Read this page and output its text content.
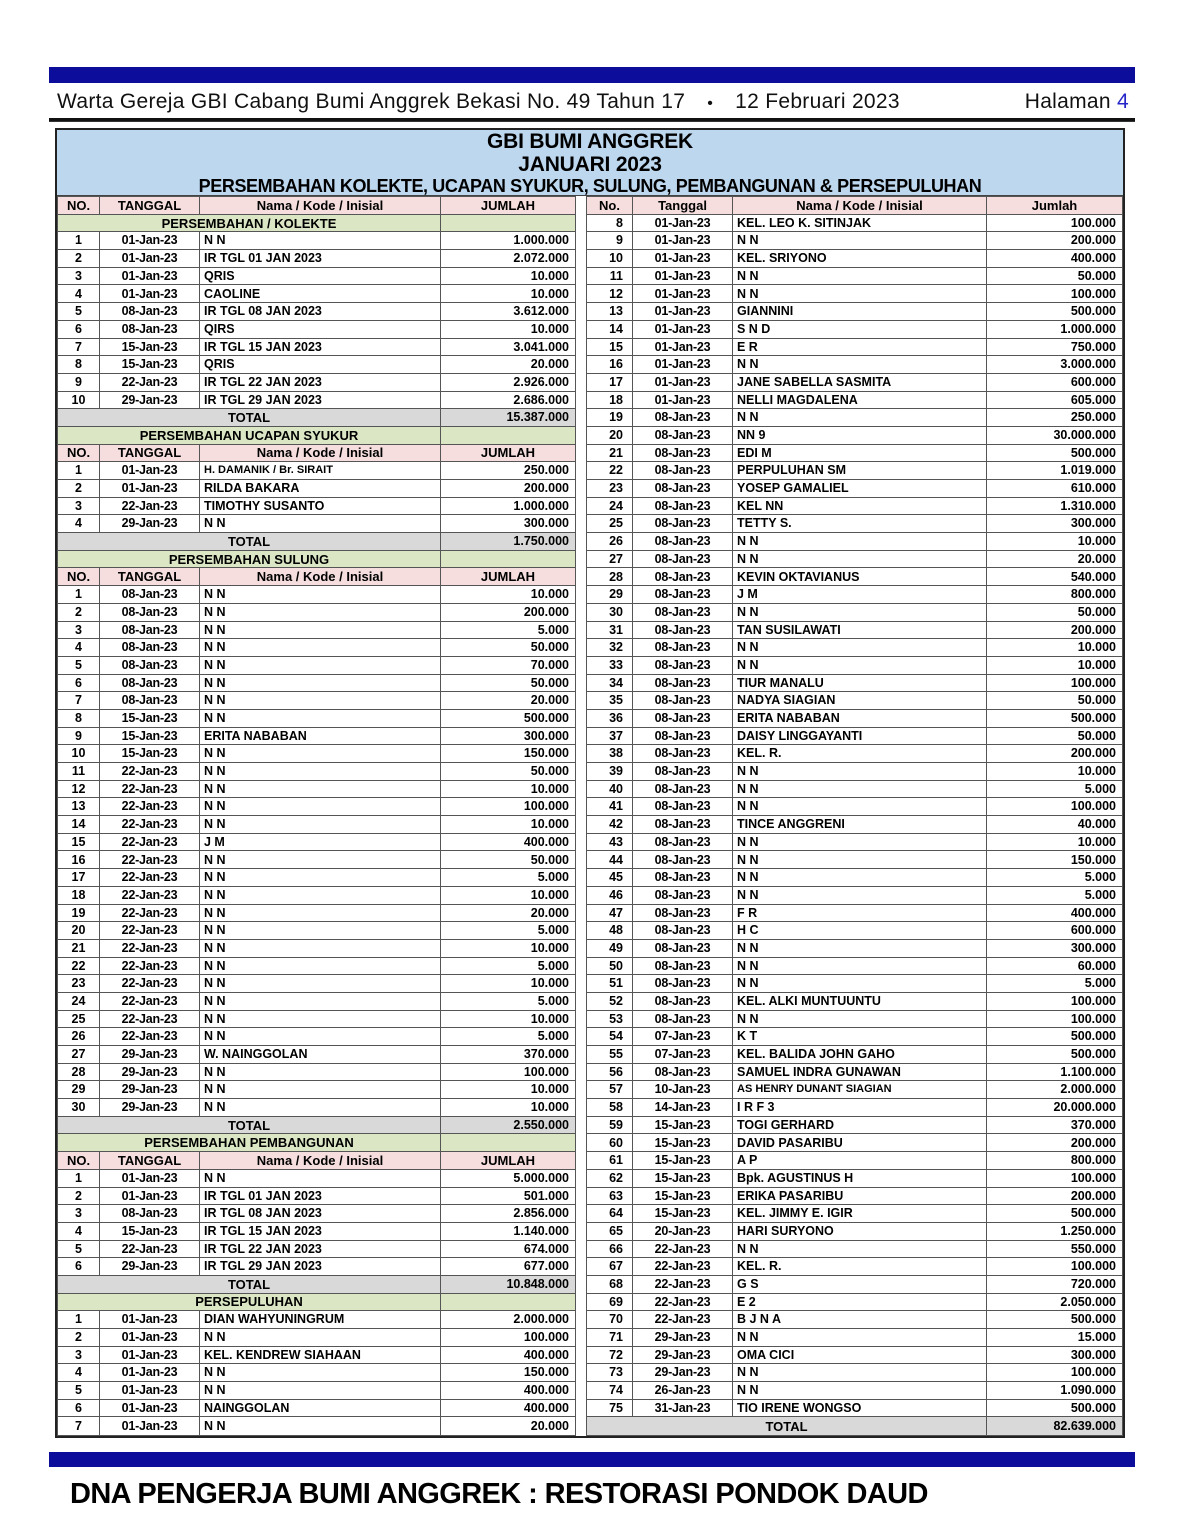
Warta Gereja GBI Cabang Bumi Anggrek Bekasi No. 49 Tahun 17 • 12 Februari 2023	Halaman 4
GBI BUMI ANGGREK
JANUARI 2023
PERSEMBAHAN KOLEKTE, UCAPAN SYUKUR, SULUNG, PEMBANGUNAN & PERSEPULUHAN
NO.	TANGGAL	Nama / Kode / Inisial	JUMLAH
PERSEMBAHAN / KOLEKTE			
1	01-Jan-23	N N	1.000.000
2	01-Jan-23	IR TGL 01 JAN 2023	2.072.000
3	01-Jan-23	QRIS	10.000
4	01-Jan-23	CAOLINE	10.000
5	08-Jan-23	IR TGL 08 JAN 2023	3.612.000
6	08-Jan-23	QIRS	10.000
7	15-Jan-23	IR TGL 15 JAN 2023	3.041.000
8	15-Jan-23	QRIS	20.000
9	22-Jan-23	IR TGL 22 JAN 2023	2.926.000
10	29-Jan-23	IR TGL 29 JAN 2023	2.686.000
TOTAL			15.387.000
PERSEMBAHAN UCAPAN SYUKUR			
NO.	TANGGAL	Nama / Kode / Inisial	JUMLAH
1	01-Jan-23	H. DAMANIK / Br. SIRAIT	250.000
2	01-Jan-23	RILDA BAKARA	200.000
3	22-Jan-23	TIMOTHY SUSANTO	1.000.000
4	29-Jan-23	N N	300.000
TOTAL			1.750.000
PERSEMBAHAN SULUNG			
NO.	TANGGAL	Nama / Kode / Inisial	JUMLAH
1	08-Jan-23	N N	10.000
2	08-Jan-23	N N	200.000
3	08-Jan-23	N N	5.000
4	08-Jan-23	N N	50.000
5	08-Jan-23	N N	70.000
6	08-Jan-23	N N	50.000
7	08-Jan-23	N N	20.000
8	15-Jan-23	N N	500.000
9	15-Jan-23	ERITA NABABAN	300.000
10	15-Jan-23	N N	150.000
11	22-Jan-23	N N	50.000
12	22-Jan-23	N N	10.000
13	22-Jan-23	N N	100.000
14	22-Jan-23	N N	10.000
15	22-Jan-23	J M	400.000
16	22-Jan-23	N N	50.000
17	22-Jan-23	N N	5.000
18	22-Jan-23	N N	10.000
19	22-Jan-23	N N	20.000
20	22-Jan-23	N N	5.000
21	22-Jan-23	N N	10.000
22	22-Jan-23	N N	5.000
23	22-Jan-23	N N	10.000
24	22-Jan-23	N N	5.000
25	22-Jan-23	N N	10.000
26	22-Jan-23	N N	5.000
27	29-Jan-23	W. NAINGGOLAN	370.000
28	29-Jan-23	N N	100.000
29	29-Jan-23	N N	10.000
30	29-Jan-23	N N	10.000
TOTAL			2.550.000
PERSEMBAHAN PEMBANGUNAN			
NO.	TANGGAL	Nama / Kode / Inisial	JUMLAH
1	01-Jan-23	N N	5.000.000
2	01-Jan-23	IR TGL 01 JAN 2023	501.000
3	08-Jan-23	IR TGL 08 JAN 2023	2.856.000
4	15-Jan-23	IR TGL 15 JAN 2023	1.140.000
5	22-Jan-23	IR TGL 22 JAN 2023	674.000
6	29-Jan-23	IR TGL 29 JAN 2023	677.000
TOTAL			10.848.000
PERSEPULUHAN			
1	01-Jan-23	DIAN WAHYUNINGRUM	2.000.000
2	01-Jan-23	N N	100.000
3	01-Jan-23	KEL. KENDREW SIAHAAN	400.000
4	01-Jan-23	N N	150.000
5	01-Jan-23	N N	400.000
6	01-Jan-23	NAINGGOLAN	400.000
7	01-Jan-23	N N	20.000
No.	Tanggal	Nama / Kode / Inisial	Jumlah
8	01-Jan-23	KEL. LEO K. SITINJAK	100.000
9	01-Jan-23	N N	200.000
10	01-Jan-23	KEL. SRIYONO	400.000
11	01-Jan-23	N N	50.000
12	01-Jan-23	N N	100.000
13	01-Jan-23	GIANNINI	500.000
14	01-Jan-23	S N D	1.000.000
15	01-Jan-23	E R	750.000
16	01-Jan-23	N N	3.000.000
17	01-Jan-23	JANE SABELLA SASMITA	600.000
18	01-Jan-23	NELLI MAGDALENA	605.000
19	08-Jan-23	N N	250.000
20	08-Jan-23	NN 9	30.000.000
21	08-Jan-23	EDI M	500.000
22	08-Jan-23	PERPULUHAN SM	1.019.000
23	08-Jan-23	YOSEP GAMALIEL	610.000
24	08-Jan-23	KEL NN	1.310.000
25	08-Jan-23	TETTY S.	300.000
26	08-Jan-23	N N	10.000
27	08-Jan-23	N N	20.000
28	08-Jan-23	KEVIN OKTAVIANUS	540.000
29	08-Jan-23	J M	800.000
30	08-Jan-23	N N	50.000
31	08-Jan-23	TAN SUSILAWATI	200.000
32	08-Jan-23	N N	10.000
33	08-Jan-23	N N	10.000
34	08-Jan-23	TIUR MANALU	100.000
35	08-Jan-23	NADYA SIAGIAN	50.000
36	08-Jan-23	ERITA NABABAN	500.000
37	08-Jan-23	DAISY LINGGAYANTI	50.000
38	08-Jan-23	KEL. R.	200.000
39	08-Jan-23	N N	10.000
40	08-Jan-23	N N	5.000
41	08-Jan-23	N N	100.000
42	08-Jan-23	TINCE ANGGRENI	40.000
43	08-Jan-23	N N	10.000
44	08-Jan-23	N N	150.000
45	08-Jan-23	N N	5.000
46	08-Jan-23	N N	5.000
47	08-Jan-23	F R	400.000
48	08-Jan-23	H C	600.000
49	08-Jan-23	N N	300.000
50	08-Jan-23	N N	60.000
51	08-Jan-23	N N	5.000
52	08-Jan-23	KEL. ALKI MUNTUUNTU	100.000
53	08-Jan-23	N N	100.000
54	07-Jan-23	K T	500.000
55	07-Jan-23	KEL. BALIDA JOHN GAHO	500.000
56	08-Jan-23	SAMUEL INDRA GUNAWAN	1.100.000
57	10-Jan-23	AS HENRY DUNANT SIAGIAN	2.000.000
58	14-Jan-23	I R F 3	20.000.000
59	15-Jan-23	TOGI GERHARD	370.000
60	15-Jan-23	DAVID PASARIBU	200.000
61	15-Jan-23	A P	800.000
62	15-Jan-23	Bpk. AGUSTINUS H	100.000
63	15-Jan-23	ERIKA PASARIBU	200.000
64	15-Jan-23	KEL. JIMMY E. IGIR	500.000
65	20-Jan-23	HARI SURYONO	1.250.000
66	22-Jan-23	N N	550.000
67	22-Jan-23	KEL. R.	100.000
68	22-Jan-23	G S	720.000
69	22-Jan-23	E 2	2.050.000
70	22-Jan-23	B J N A	500.000
71	29-Jan-23	N N	15.000
72	29-Jan-23	OMA CICI	300.000
73	29-Jan-23	N N	100.000
74	26-Jan-23	N N	1.090.000
75	31-Jan-23	TIO IRENE WONGSO	500.000
TOTAL			82.639.000
DNA PENGERJA BUMI ANGGREK : RESTORASI PONDOK DAUD
